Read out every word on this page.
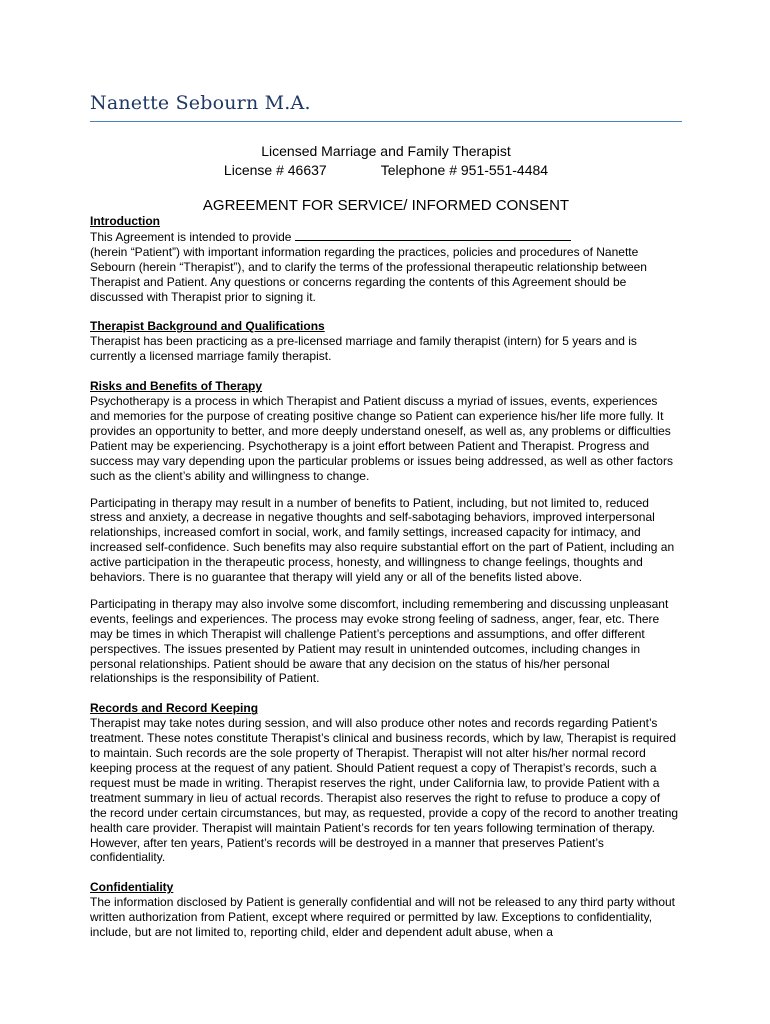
Nanette Sebourn M.A.
Licensed Marriage and Family Therapist
License # 46637	Telephone # 951-551-4484
AGREEMENT FOR SERVICE/ INFORMED CONSENT

Introduction

This Agreement is intended to provide

(herein “Patient”) with important information regarding the practices, policies and procedures of Nanette Sebourn (herein “Therapist”), and to clarify the terms of the professional therapeutic relationship between Therapist and Patient. Any questions or concerns regarding the contents of this Agreement should be discussed with Therapist prior to signing it.

Therapist Background and Qualifications

Therapist has been practicing as a pre-licensed marriage and family therapist (intern) for 5 years and is currently a licensed marriage family therapist.

Risks and Benefits of Therapy

Psychotherapy is a process in which Therapist and Patient discuss a myriad of issues, events, experiences and memories for the purpose of creating positive change so Patient can experience his/her life more fully. It provides an opportunity to better, and more deeply understand oneself, as well as, any problems or difficulties Patient may be experiencing. Psychotherapy is a joint effort between Patient and Therapist. Progress and success may vary depending upon the particular problems or issues being addressed, as well as other factors such as the client’s ability and willingness to change.

Participating in therapy may result in a number of benefits to Patient, including, but not limited to, reduced stress and anxiety, a decrease in negative thoughts and self-sabotaging behaviors, improved interpersonal relationships, increased comfort in social, work, and family settings, increased capacity for intimacy, and increased self-confidence. Such benefits may also require substantial effort on the part of Patient, including an active participation in the therapeutic process, honesty, and willingness to change feelings, thoughts and behaviors. There is no guarantee that therapy will yield any or all of the benefits listed above.

Participating in therapy may also involve some discomfort, including remembering and discussing unpleasant events, feelings and experiences. The process may evoke strong feeling of sadness, anger, fear, etc. There may be times in which Therapist will challenge Patient’s perceptions and assumptions, and offer different perspectives. The issues presented by Patient may result in unintended outcomes, including changes in personal relationships. Patient should be aware that any decision on the status of his/her personal relationships is the responsibility of Patient.

Records and Record Keeping

Therapist may take notes during session, and will also produce other notes and records regarding Patient’s treatment. These notes constitute Therapist’s clinical and business records, which by law, Therapist is required to maintain. Such records are the sole property of Therapist. Therapist will not alter his/her normal record keeping process at the request of any patient. Should Patient request a copy of Therapist’s records, such a request must be made in writing. Therapist reserves the right, under California law, to provide Patient with a treatment summary in lieu of actual records. Therapist also reserves the right to refuse to produce a copy of the record under certain circumstances, but may, as requested, provide a copy of the record to another treating health care provider. Therapist will maintain Patient’s records for ten years following termination of therapy. However, after ten years, Patient’s records will be destroyed in a manner that preserves Patient’s confidentiality.

Confidentiality

The information disclosed by Patient is generally confidential and will not be released to any third party without written authorization from Patient, except where required or permitted by law. Exceptions to confidentiality, include, but are not limited to, reporting child, elder and dependent adult abuse, when a
